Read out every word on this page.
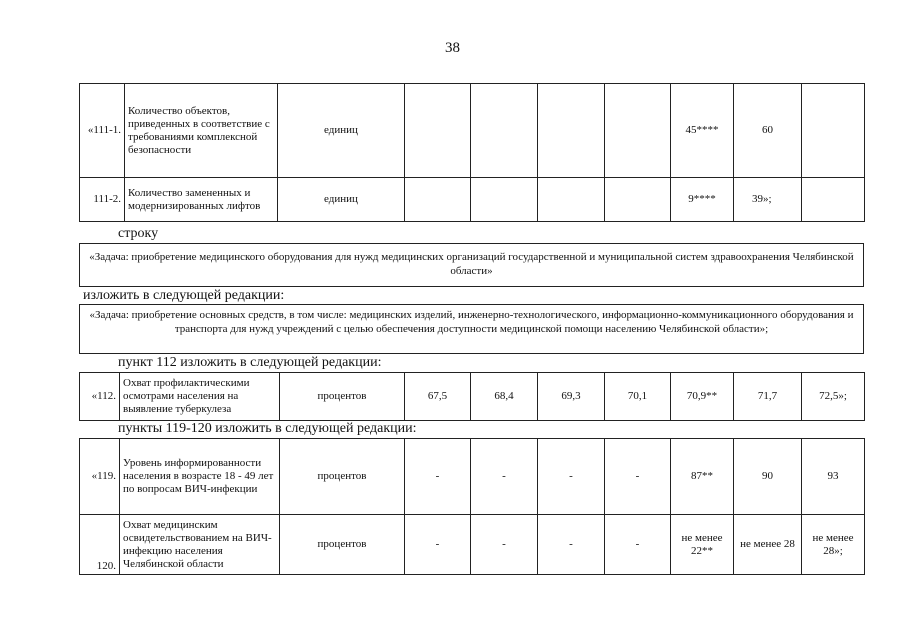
38
«111-1.	Количество объектов, приведенных в соответствие с требованиями комплексной безопасности	единиц					45****	60	
111-2.	Количество замененных и модернизированных лифтов	единиц					9****	39»;	
строку
«Задача: приобретение медицинского оборудования для нужд медицинских организаций государственной и муниципальной систем здравоохранения Челябинской области»
изложить в следующей редакции:
«Задача: приобретение основных средств, в том числе: медицинских изделий, инженерно-технологического, информационно-коммуникационного оборудования и транспорта для нужд учреждений с целью обеспечения доступности медицинской помощи населению Челябинской области»;
пункт 112 изложить в следующей редакции:
«112.	Охват профилактическими осмотрами населения на выявление туберкулеза	процентов	67,5	68,4	69,3	70,1	70,9**	71,7	72,5»;
пункты 119-120 изложить в следующей редакции:
«119.	Уровень информированности населения в возрасте 18 - 49 лет по вопросам ВИЧ-инфекции	процентов	-	-	-	-	87**	90	93
120.	Охват медицинским освидетельствованием на ВИЧ-инфекцию населения Челябинской области	процентов	-	-	-	-	не менее 22**	не менее 28	не менее 28»;
